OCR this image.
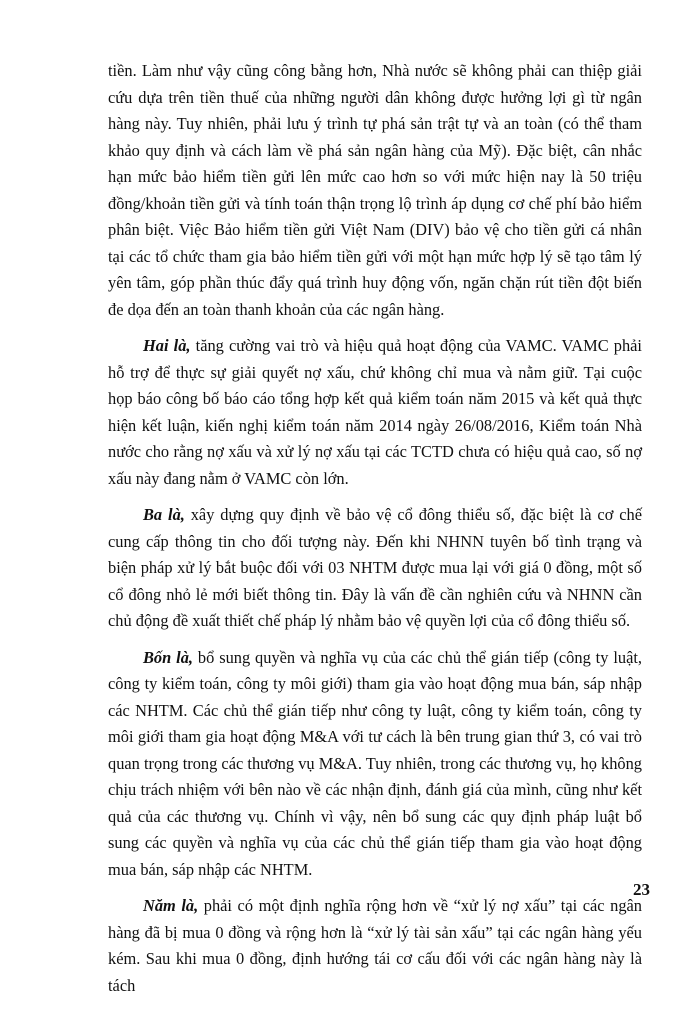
tiền. Làm như vậy cũng công bằng hơn, Nhà nước sẽ không phải can thiệp giải cứu dựa trên tiền thuế của những người dân không được hưởng lợi gì từ ngân hàng này. Tuy nhiên, phải lưu ý trình tự phá sản trật tự và an toàn (có thể tham khảo quy định và cách làm về phá sản ngân hàng của Mỹ). Đặc biệt, cân nhắc hạn mức bảo hiểm tiền gửi lên mức cao hơn so với mức hiện nay là 50 triệu đồng/khoản tiền gửi và tính toán thận trọng lộ trình áp dụng cơ chế phí bảo hiểm phân biệt. Việc Bảo hiểm tiền gửi Việt Nam (DIV) bảo vệ cho tiền gửi cá nhân tại các tổ chức tham gia bảo hiểm tiền gửi với một hạn mức hợp lý sẽ tạo tâm lý yên tâm, góp phần thúc đẩy quá trình huy động vốn, ngăn chặn rút tiền đột biến đe dọa đến an toàn thanh khoản của các ngân hàng.

Hai là, tăng cường vai trò và hiệu quả hoạt động của VAMC. VAMC phải hỗ trợ để thực sự giải quyết nợ xấu, chứ không chỉ mua và nằm giữ. Tại cuộc họp báo công bố báo cáo tổng hợp kết quả kiểm toán năm 2015 và kết quả thực hiện kết luận, kiến nghị kiểm toán năm 2014 ngày 26/08/2016, Kiểm toán Nhà nước cho rằng nợ xấu và xử lý nợ xấu tại các TCTD chưa có hiệu quả cao, số nợ xấu này đang nằm ở VAMC còn lớn.

Ba là, xây dựng quy định về bảo vệ cổ đông thiểu số, đặc biệt là cơ chế cung cấp thông tin cho đối tượng này. Đến khi NHNN tuyên bố tình trạng và biện pháp xử lý bắt buộc đối với 03 NHTM được mua lại với giá 0 đồng, một số cổ đông nhỏ lẻ mới biết thông tin. Đây là vấn đề cần nghiên cứu và NHNN cần chủ động đề xuất thiết chế pháp lý nhằm bảo vệ quyền lợi của cổ đông thiểu số.

Bốn là, bổ sung quyền và nghĩa vụ của các chủ thể gián tiếp (công ty luật, công ty kiểm toán, công ty môi giới) tham gia vào hoạt động mua bán, sáp nhập các NHTM. Các chủ thể gián tiếp như công ty luật, công ty kiểm toán, công ty môi giới tham gia hoạt động M&A với tư cách là bên trung gian thứ 3, có vai trò quan trọng trong các thương vụ M&A. Tuy nhiên, trong các thương vụ, họ không chịu trách nhiệm với bên nào về các nhận định, đánh giá của mình, cũng như kết quả của các thương vụ. Chính vì vậy, nên bổ sung các quy định pháp luật bổ sung các quyền và nghĩa vụ của các chủ thể gián tiếp tham gia vào hoạt động mua bán, sáp nhập các NHTM.

Năm là, phải có một định nghĩa rộng hơn về “xử lý nợ xấu” tại các ngân hàng đã bị mua 0 đồng và rộng hơn là “xử lý tài sản xấu” tại các ngân hàng yếu kém. Sau khi mua 0 đồng, định hướng tái cơ cấu đối với các ngân hàng này là tách

23
